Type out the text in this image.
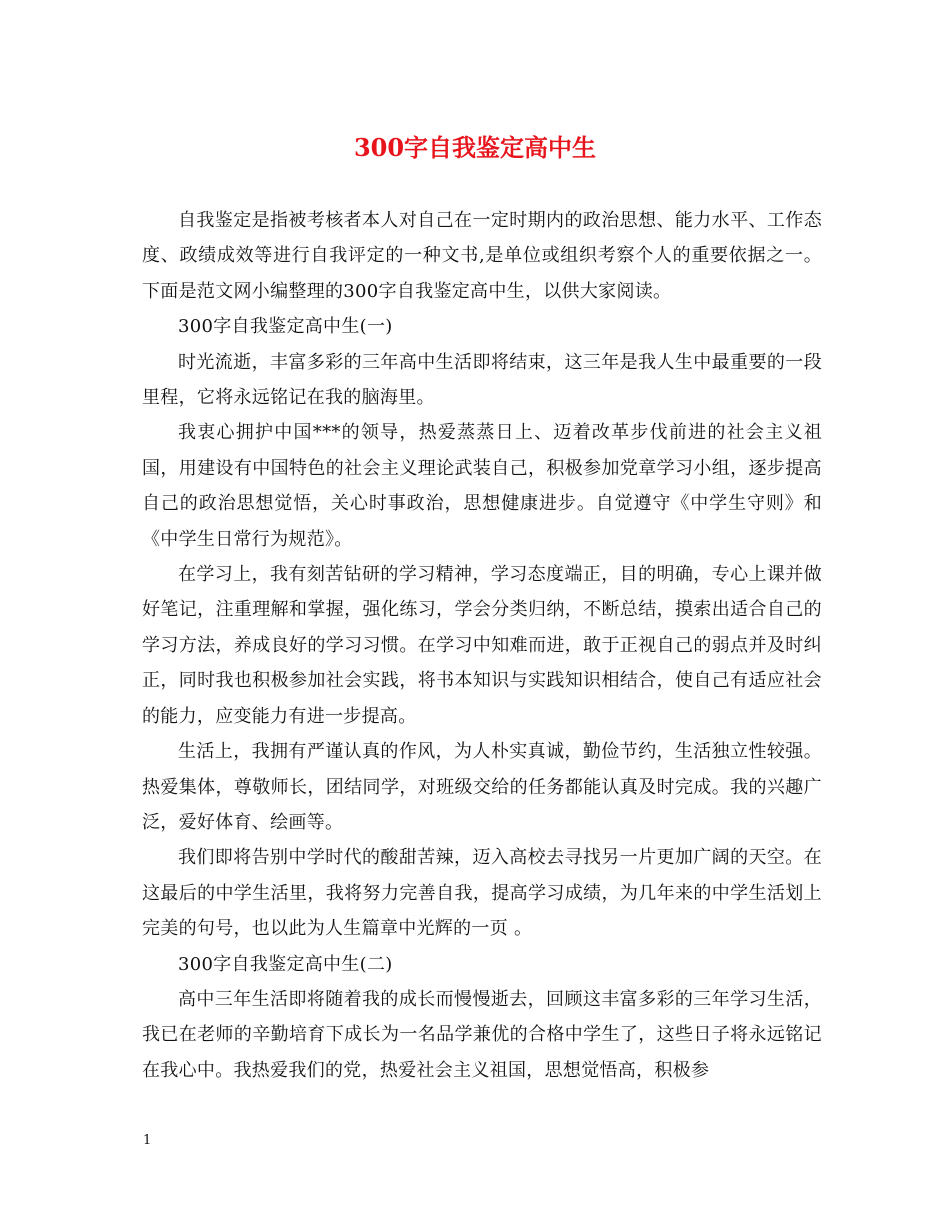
300字自我鉴定高中生

自我鉴定是指被考核者本人对自己在一定时期内的政治思想、能力水平、工作态度、政绩成效等进行自我评定的一种文书,是单位或组织考察个人的重要依据之一。下面是范文网小编整理的300字自我鉴定高中生，以供大家阅读。

300字自我鉴定高中生(一)

时光流逝，丰富多彩的三年高中生活即将结束，这三年是我人生中最重要的一段里程，它将永远铭记在我的脑海里。

我衷心拥护中国***的领导，热爱蒸蒸日上、迈着改革步伐前进的社会主义祖国，用建设有中国特色的社会主义理论武装自己，积极参加党章学习小组，逐步提高自己的政治思想觉悟，关心时事政治，思想健康进步。自觉遵守《中学生守则》和《中学生日常行为规范》。

在学习上，我有刻苦钻研的学习精神，学习态度端正，目的明确，专心上课并做好笔记，注重理解和掌握，强化练习，学会分类归纳，不断总结，摸索出适合自己的学习方法，养成良好的学习习惯。在学习中知难而进，敢于正视自己的弱点并及时纠正，同时我也积极参加社会实践，将书本知识与实践知识相结合，使自己有适应社会的能力，应变能力有进一步提高。

生活上，我拥有严谨认真的作风，为人朴实真诚，勤俭节约，生活独立性较强。热爱集体，尊敬师长，团结同学，对班级交给的任务都能认真及时完成。我的兴趣广泛，爱好体育、绘画等。

我们即将告别中学时代的酸甜苦辣，迈入高校去寻找另一片更加广阔的天空。在这最后的中学生活里，我将努力完善自我，提高学习成绩，为几年来的中学生活划上完美的句号，也以此为人生篇章中光辉的一页 。

300字自我鉴定高中生(二)

高中三年生活即将随着我的成长而慢慢逝去，回顾这丰富多彩的三年学习生活，我已在老师的辛勤培育下成长为一名品学兼优的合格中学生了，这些日子将永远铭记在我心中。我热爱我们的党，热爱社会主义祖国，思想觉悟高，积极参

1
